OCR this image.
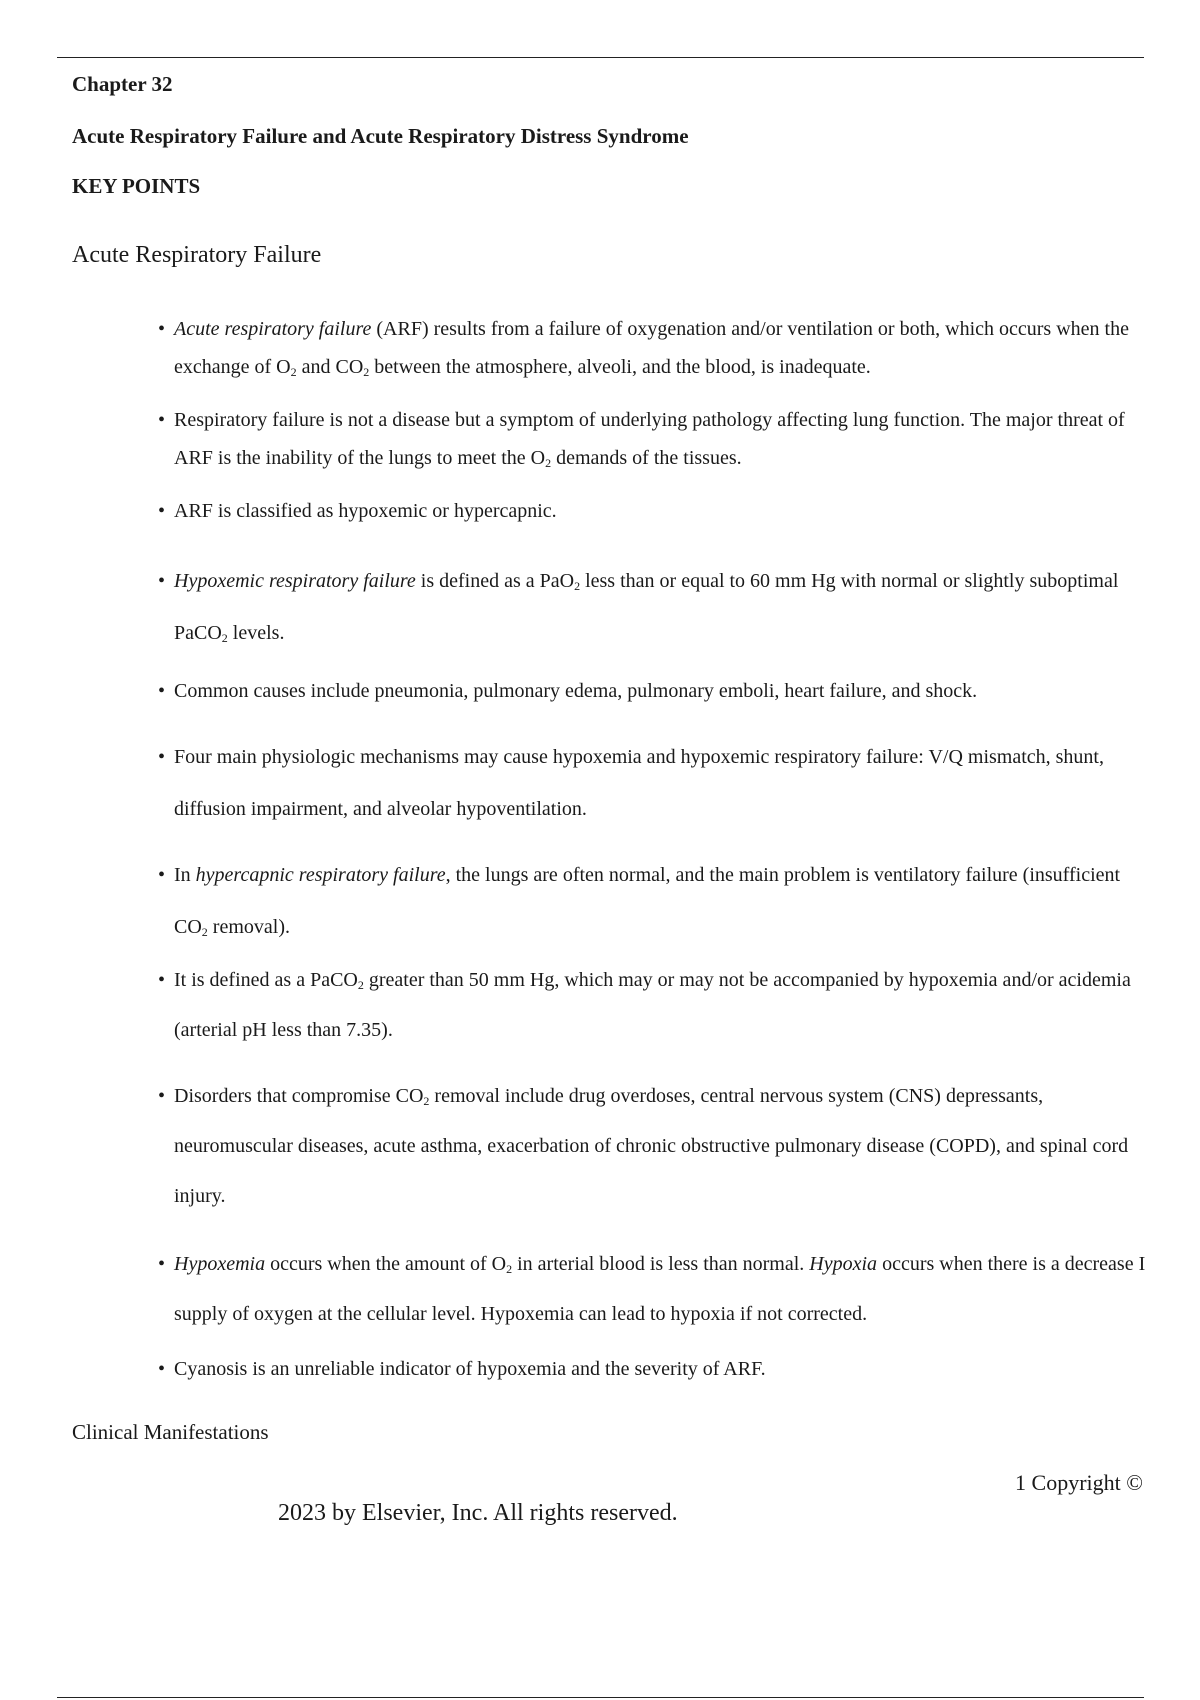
Chapter 32
Acute Respiratory Failure and Acute Respiratory Distress Syndrome
KEY POINTS
Acute Respiratory Failure
• Acute respiratory failure (ARF) results from a failure of oxygenation and/or ventilation or both, which occurs when the exchange of $O_2$ and $CO_2$ between the atmosphere, alveoli, and the blood, is inadequate.
• Respiratory failure is not a disease but a symptom of underlying pathology affecting lung function. The major threat of ARF is the inability of the lungs to meet the $O_2$ demands of the tissues.
• ARF is classified as hypoxemic or hypercapnic.
• Hypoxemic respiratory failure is defined as a PaO$_2$ less than or equal to 60 mm Hg with normal or slightly suboptimal PaCO$_2$ levels.
• Common causes include pneumonia, pulmonary edema, pulmonary emboli, heart failure, and shock.
• Four main physiologic mechanisms may cause hypoxemia and hypoxemic respiratory failure: V/Q mismatch, shunt, diffusion impairment, and alveolar hypoventilation.
• In hypercapnic respiratory failure, the lungs are often normal, and the main problem is ventilatory failure (insufficient $CO_2$ removal).
• It is defined as a PaCO$_2$ greater than 50 mm Hg, which may or may not be accompanied by hypoxemia and/or acidemia (arterial pH less than 7.35).
• Disorders that compromise $CO_2$ removal include drug overdoses, central nervous system (CNS) depressants, neuromuscular diseases, acute asthma, exacerbation of chronic obstructive pulmonary disease (COPD), and spinal cord injury.
• Hypoxemia occurs when the amount of $O_2$ in arterial blood is less than normal. Hypoxia occurs when there is a decrease I supply of oxygen at the cellular level. Hypoxemia can lead to hypoxia if not corrected.
• Cyanosis is an unreliable indicator of hypoxemia and the severity of ARF.
Clinical Manifestations
1 Copyright ©
2023 by Elsevier, Inc. All rights reserved.
